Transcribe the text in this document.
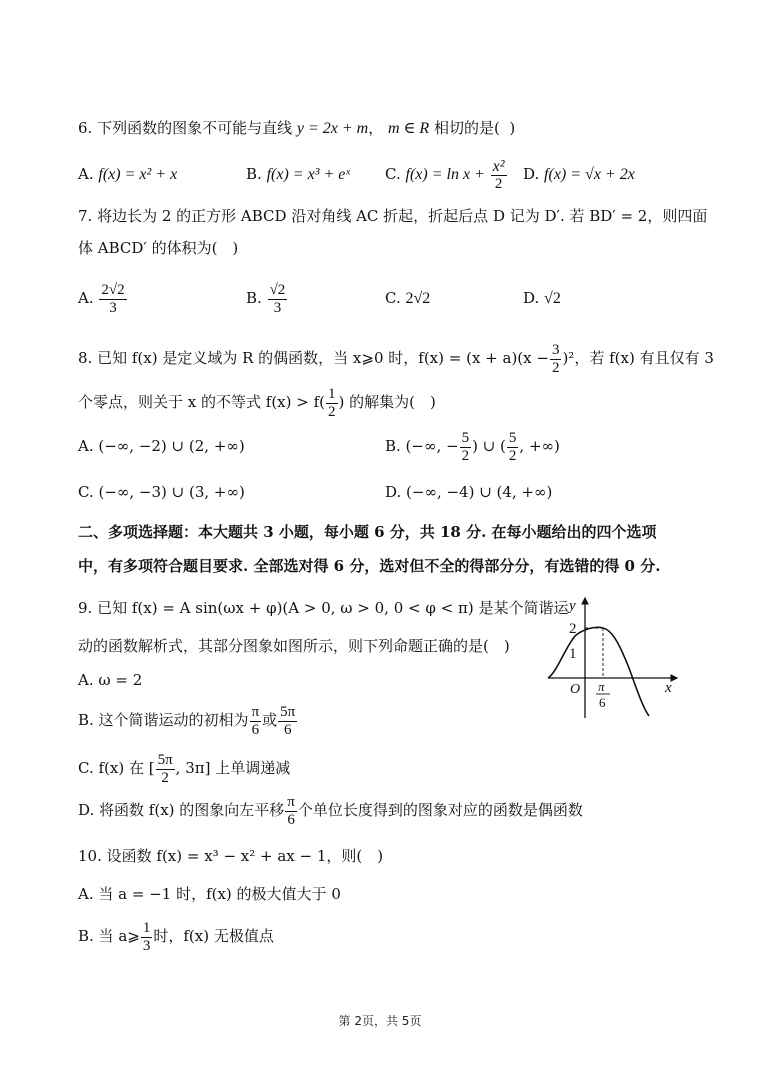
6. 下列函数的图象不可能与直线 y = 2x + m， m ∈ R 相切的是( )
A. f(x) = x² + x	B. f(x) = x³ + eˣ C. $f(x) = \ln x + \frac{\text{x²}}{2} D$. f(x) = √x + 2x
7. 将边长为 2 的正方形 ABCD 沿对角线 AC 折起，折起后点 D 记为 D′. 若 BD′ = 2，则四面
体 ABCD′ 的体积为(　)
A. $\frac{2√2}{3}$	B. $\frac{√2}{3}$	C. 2√2	D. √2
8. 已知 f(x) 是定义域为 R 的偶函数，当 x⩾0 时，$f(x) = (x + a)(x - \frac{3}{2} )^2$，若 f(x) 有且仅有 3
个零点，则关于 x 的不等式 $f(x) > f( \frac{1}{2}$ ) 的解集为(　)
A. (−∞, −2) ∪ (2, +∞)	B. (−∞, − $\frac{5}{2}$ ) ∪ ( $\frac{5}{2}$ , +∞)
C. (−∞, −3) ∪ (3, +∞)	D. (−∞, −4) ∪ (4, +∞)
二、多项选择题：本大题共 3 小题，每小题 6 分，共 18 分. 在每小题给出的四个选项
中，有多项符合题目要求. 全部选对得 6 分，选对但不全的得部分分，有选错的得 0 分.
9. 已知 f(x) = A sin(ωx + φ)(A > 0, ω > 0, 0 < φ < π) 是某个简谐运
动的函数解析式，其部分图象如图所示，则下列命题正确的是(　)
A. ω = 2
B. 这个简谐运动的初相为 $\frac{\pi}{6}$ 或 $\frac{5\pi}{6}$
C. f(x) 在 [ $\frac{5\pi}{2}$ , 3π] 上单调递减
D. 将函数 f(x) 的图象向左平移 $\frac{\pi}{6}$ 个单位长度得到的图象对应的函数是偶函数
y
x
O
2
1
π
6
10. 设函数 f(x) = x³ − x² + ax − 1，则(　)
A. 当 a = −1 时，f(x) 的极大值大于 0
B. 当 a⩾ $\frac{1}{3}$ 时，f(x) 无极值点
第 2页，共 5页
